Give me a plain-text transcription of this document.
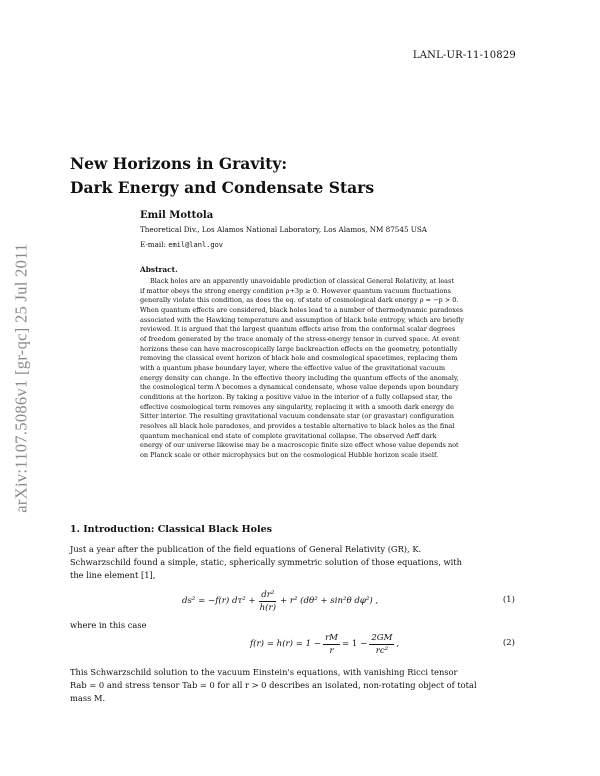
LANL-UR-11-10829
arXiv:1107.5086v1 [gr-qc] 25 Jul 2011
New Horizons in Gravity:
Dark Energy and Condensate Stars
Emil Mottola
Theoretical Div., Los Alamos National Laboratory, Los Alamos, NM 87545 USA
E-mail: emil@lanl.gov
Abstract.
Black holes are an apparently unavoidable prediction of classical General Relativity, at least
if matter obeys the strong energy condition ρ+3p ≥ 0. However quantum vacuum fluctuations
generally violate this condition, as does the eq. of state of cosmological dark energy ρ = −p > 0.
When quantum effects are considered, black holes lead to a number of thermodynamic paradoxes
associated with the Hawking temperature and assumption of black hole entropy, which are briefly
reviewed. It is argued that the largest quantum effects arise from the conformal scalar degrees
of freedom generated by the trace anomaly of the stress-energy tensor in curved space. At event
horizons these can have macroscopically large backreaction effects on the geometry, potentially
removing the classical event horizon of black hole and cosmological spacetimes, replacing them
with a quantum phase boundary layer, where the effective value of the gravitational vacuum
energy density can change. In the effective theory including the quantum effects of the anomaly,
the cosmological term Λ becomes a dynamical condensate, whose value depends upon boundary
conditions at the horizon. By taking a positive value in the interior of a fully collapsed star, the
effective cosmological term removes any singularity, replacing it with a smooth dark energy de
Sitter interior. The resulting gravitational vacuum condensate star (or gravastar) configuration
resolves all black hole paradoxes, and provides a testable alternative to black holes as the final
quantum mechanical end state of complete gravitational collapse. The observed Λeff dark
energy of our universe likewise may be a macroscopic finite size effect whose value depends not
on Planck scale or other microphysics but on the cosmological Hubble horizon scale itself.
1. Introduction: Classical Black Holes
Just a year after the publication of the field equations of General Relativity (GR), K.
Schwarzschild found a simple, static, spherically symmetric solution of those equations, with
the line element [1],
ds² = −f(r) $d\tau^2 + \frac{\text{dr²}}{h(r)} + r^2$ (dθ² + sin²θ dφ²) ,	(1)
where in this case
$f(r) = h(r) = 1 - \frac{rM}{r} = 1 - \frac{2GM}{\text{rc²}}$ ,	(2)
This Schwarzschild solution to the vacuum Einstein's equations, with vanishing Ricci tensor
Rab = 0 and stress tensor Tab = 0 for all r > 0 describes an isolated, non-rotating object of total
mass M.
